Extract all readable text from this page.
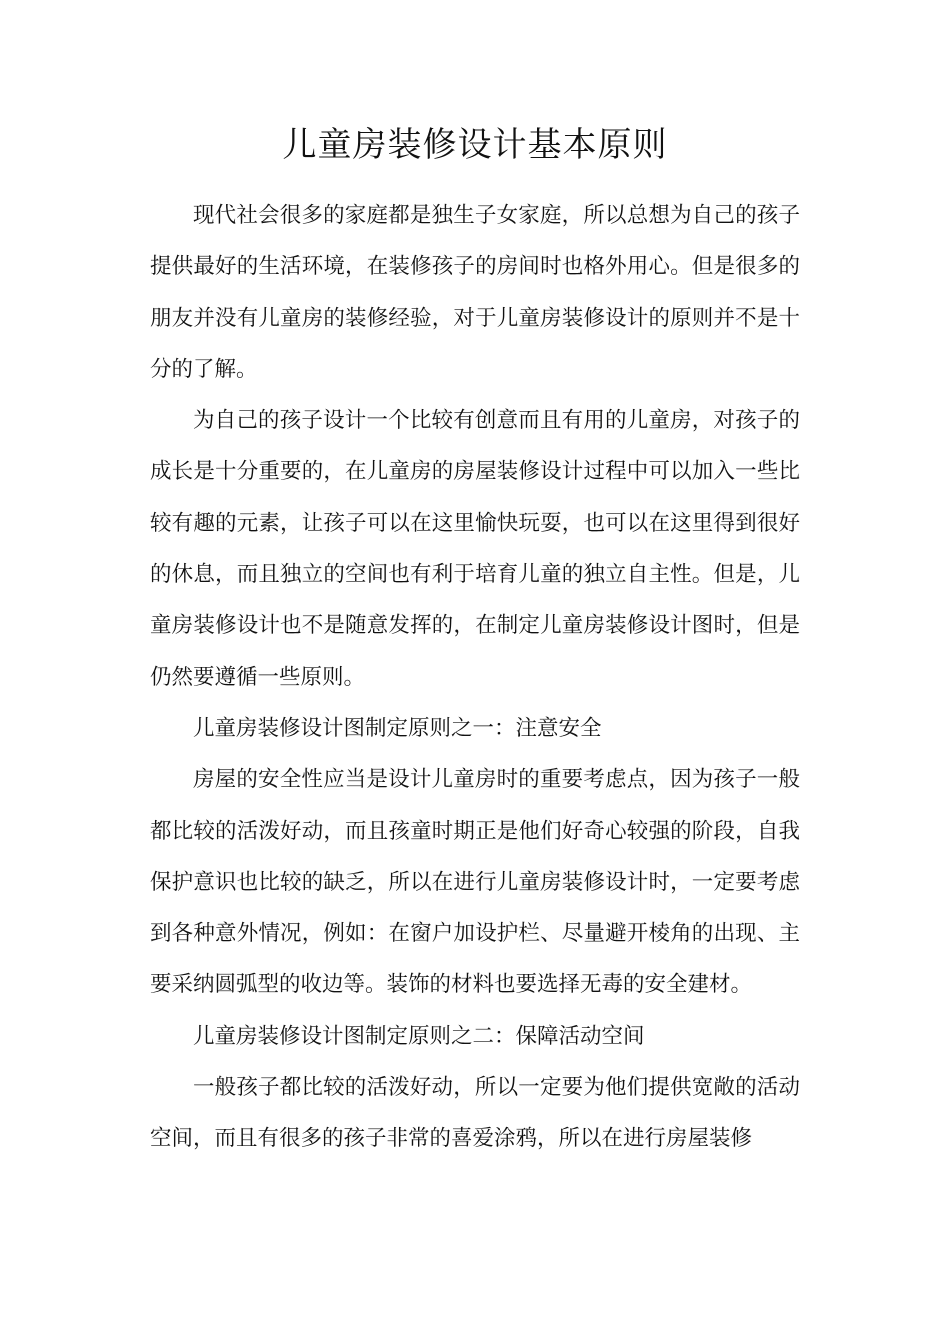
儿童房装修设计基本原则

现代社会很多的家庭都是独生子女家庭，所以总想为自己的孩子提供最好的生活环境，在装修孩子的房间时也格外用心。但是很多的朋友并没有儿童房的装修经验，对于儿童房装修设计的原则并不是十分的了解。

为自己的孩子设计一个比较有创意而且有用的儿童房，对孩子的成长是十分重要的，在儿童房的房屋装修设计过程中可以加入一些比较有趣的元素，让孩子可以在这里愉快玩耍，也可以在这里得到很好的休息，而且独立的空间也有利于培育儿童的独立自主性。但是，儿童房装修设计也不是随意发挥的，在制定儿童房装修设计图时，但是仍然要遵循一些原则。

儿童房装修设计图制定原则之一：注意安全

房屋的安全性应当是设计儿童房时的重要考虑点，因为孩子一般都比较的活泼好动，而且孩童时期正是他们好奇心较强的阶段，自我保护意识也比较的缺乏，所以在进行儿童房装修设计时，一定要考虑到各种意外情况，例如：在窗户加设护栏、尽量避开棱角的出现、主要采纳圆弧型的收边等。装饰的材料也要选择无毒的安全建材。

儿童房装修设计图制定原则之二：保障活动空间

一般孩子都比较的活泼好动，所以一定要为他们提供宽敞的活动空间，而且有很多的孩子非常的喜爱涂鸦，所以在进行房屋装修
